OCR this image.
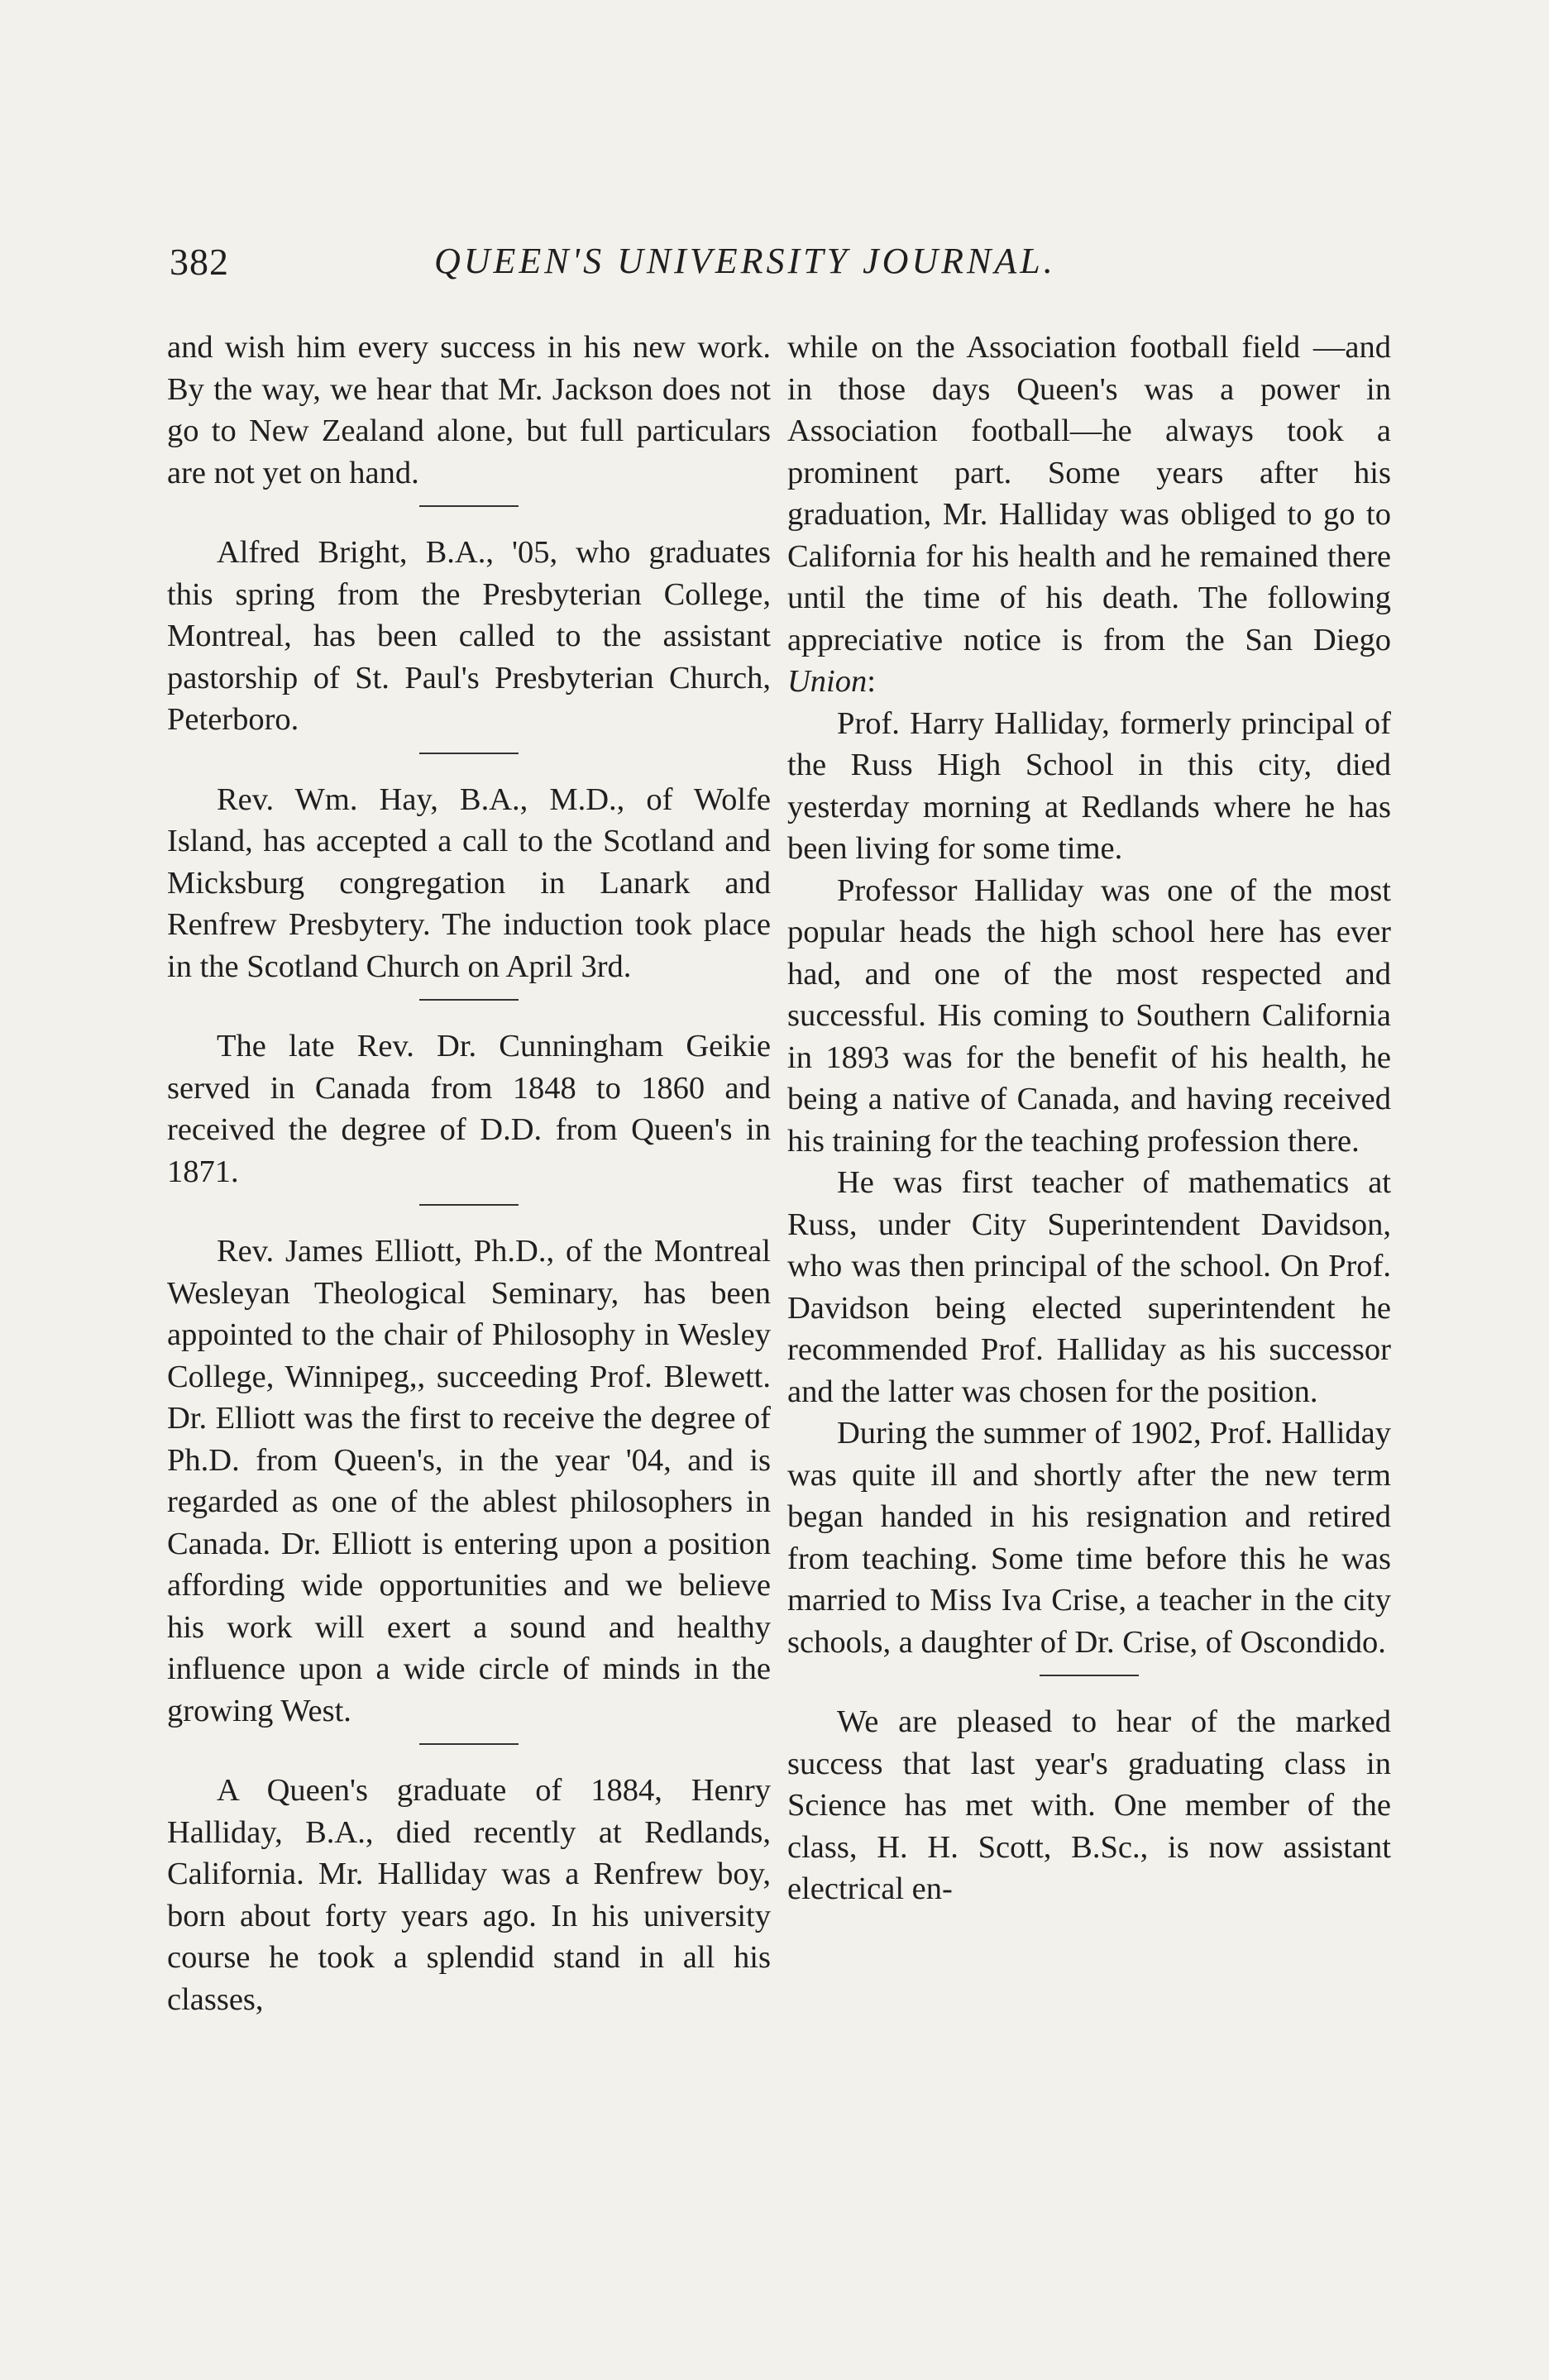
382	QUEEN'S UNIVERSITY JOURNAL.

and wish him every success in his new work. By the way, we hear that Mr. Jackson does not go to New Zealand alone, but full particulars are not yet on hand.

Alfred Bright, B.A., '05, who graduates this spring from the Presbyterian College, Montreal, has been called to the assistant pastorship of St. Paul's Presbyterian Church, Peterboro.

Rev. Wm. Hay, B.A., M.D., of Wolfe Island, has accepted a call to the Scotland and Micksburg congregation in Lanark and Renfrew Presbytery. The induction took place in the Scotland Church on April 3rd.

The late Rev. Dr. Cunningham Geikie served in Canada from 1848 to 1860 and received the degree of D.D. from Queen's in 1871.

Rev. James Elliott, Ph.D., of the Montreal Wesleyan Theological Seminary, has been appointed to the chair of Philosophy in Wesley College, Winnipeg,, succeeding Prof. Blewett. Dr. Elliott was the first to receive the degree of Ph.D. from Queen's, in the year '04, and is regarded as one of the ablest philosophers in Canada. Dr. Elliott is entering upon a position affording wide opportunities and we believe his work will exert a sound and healthy influence upon a wide circle of minds in the growing West.

A Queen's graduate of 1884, Henry Halliday, B.A., died recently at Redlands, California. Mr. Halliday was a Renfrew boy, born about forty years ago. In his university course he took a splendid stand in all his classes,

while on the Association football field —and in those days Queen's was a power in Association football—he always took a prominent part. Some years after his graduation, Mr. Halliday was obliged to go to California for his health and he remained there until the time of his death. The following appreciative notice is from the San Diego Union:

Prof. Harry Halliday, formerly principal of the Russ High School in this city, died yesterday morning at Redlands where he has been living for some time.

Professor Halliday was one of the most popular heads the high school here has ever had, and one of the most respected and successful. His coming to Southern California in 1893 was for the benefit of his health, he being a native of Canada, and having received his training for the teaching profession there.

He was first teacher of mathematics at Russ, under City Superintendent Davidson, who was then principal of the school. On Prof. Davidson being elected superintendent he recommended Prof. Halliday as his successor and the latter was chosen for the position.

During the summer of 1902, Prof. Halliday was quite ill and shortly after the new term began handed in his resignation and retired from teaching. Some time before this he was married to Miss Iva Crise, a teacher in the city schools, a daughter of Dr. Crise, of Oscondido.

We are pleased to hear of the marked success that last year's graduating class in Science has met with. One member of the class, H. H. Scott, B.Sc., is now assistant electrical en-
